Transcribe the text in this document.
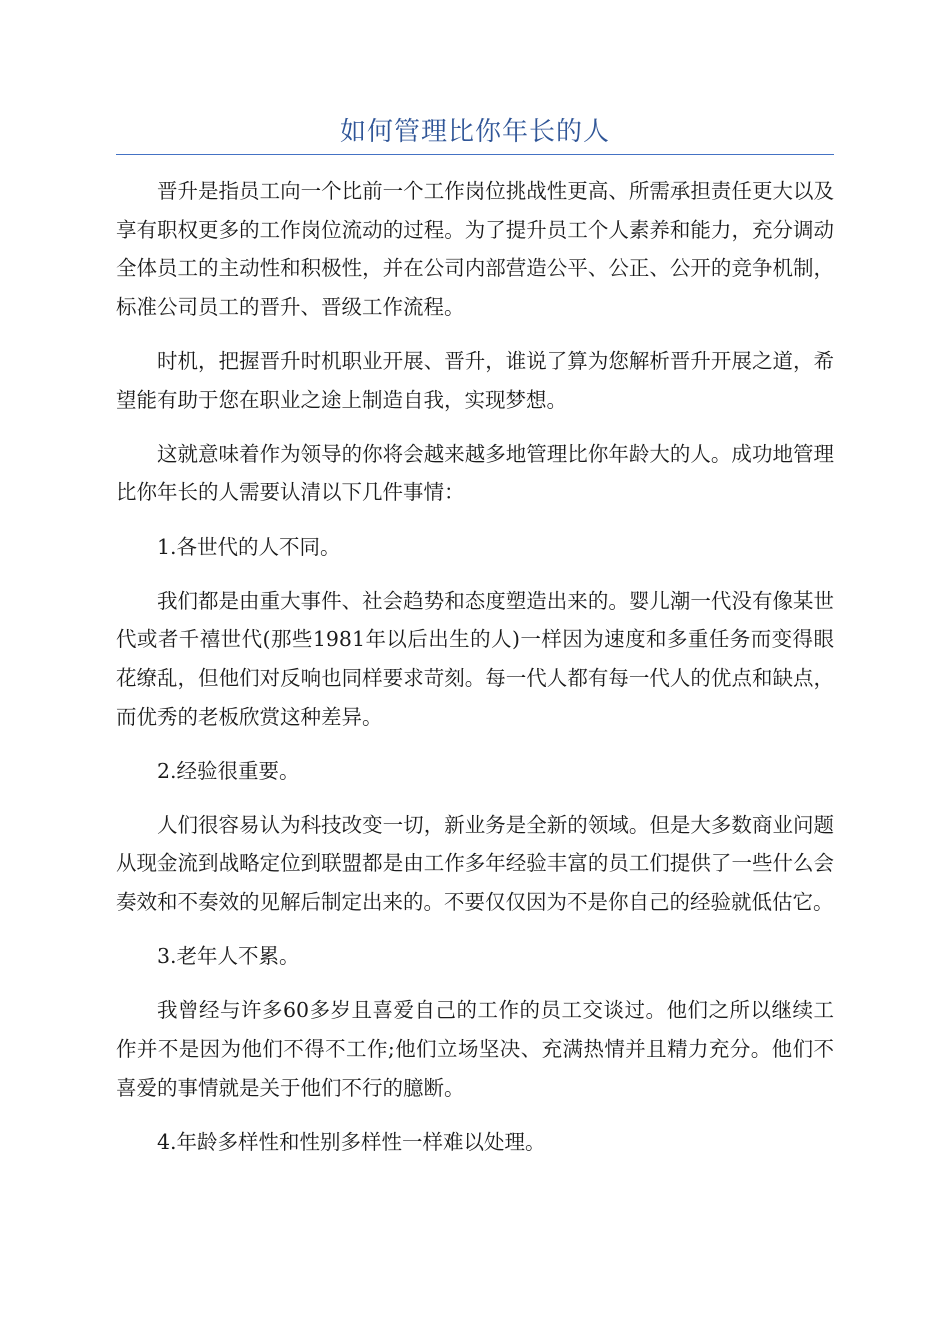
如何管理比你年长的人

晋升是指员工向一个比前一个工作岗位挑战性更高、所需承担责任更大以及享有职权更多的工作岗位流动的过程。为了提升员工个人素养和能力，充分调动全体员工的主动性和积极性，并在公司内部营造公平、公正、公开的竞争机制，标准公司员工的晋升、晋级工作流程。

时机，把握晋升时机职业开展、晋升，谁说了算为您解析晋升开展之道，希望能有助于您在职业之途上制造自我，实现梦想。

这就意味着作为领导的你将会越来越多地管理比你年龄大的人。成功地管理比你年长的人需要认清以下几件事情：

1.各世代的人不同。

我们都是由重大事件、社会趋势和态度塑造出来的。婴儿潮一代没有像某世代或者千禧世代(那些1981年以后出生的人)一样因为速度和多重任务而变得眼花缭乱，但他们对反响也同样要求苛刻。每一代人都有每一代人的优点和缺点，而优秀的老板欣赏这种差异。

2.经验很重要。

人们很容易认为科技改变一切，新业务是全新的领域。但是大多数商业问题从现金流到战略定位到联盟都是由工作多年经验丰富的员工们提供了一些什么会奏效和不奏效的见解后制定出来的。不要仅仅因为不是你自己的经验就低估它。

3.老年人不累。

我曾经与许多60多岁且喜爱自己的工作的员工交谈过。他们之所以继续工作并不是因为他们不得不工作;他们立场坚决、充满热情并且精力充分。他们不喜爱的事情就是关于他们不行的臆断。

4.年龄多样性和性别多样性一样难以处理。
